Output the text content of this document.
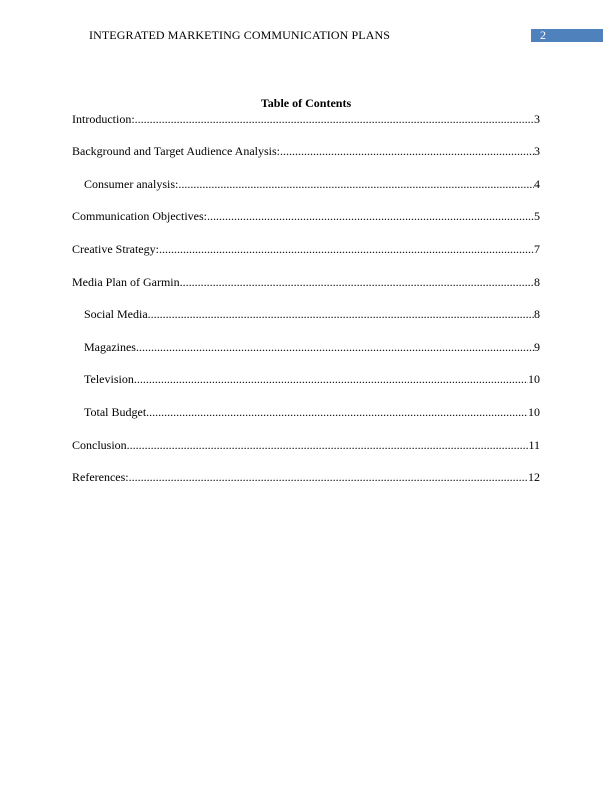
INTEGRATED MARKETING COMMUNICATION PLANS	2
Table of Contents
Introduction: .....	3
Background and Target Audience Analysis: .....	3
Consumer analysis: .....	4
Communication Objectives: .....	5
Creative Strategy: .....	7
Media Plan of Garmin .....	8
Social Media .....	8
Magazines .....	9
Television .....	10
Total Budget .....	10
Conclusion .....	11
References: .....	12
